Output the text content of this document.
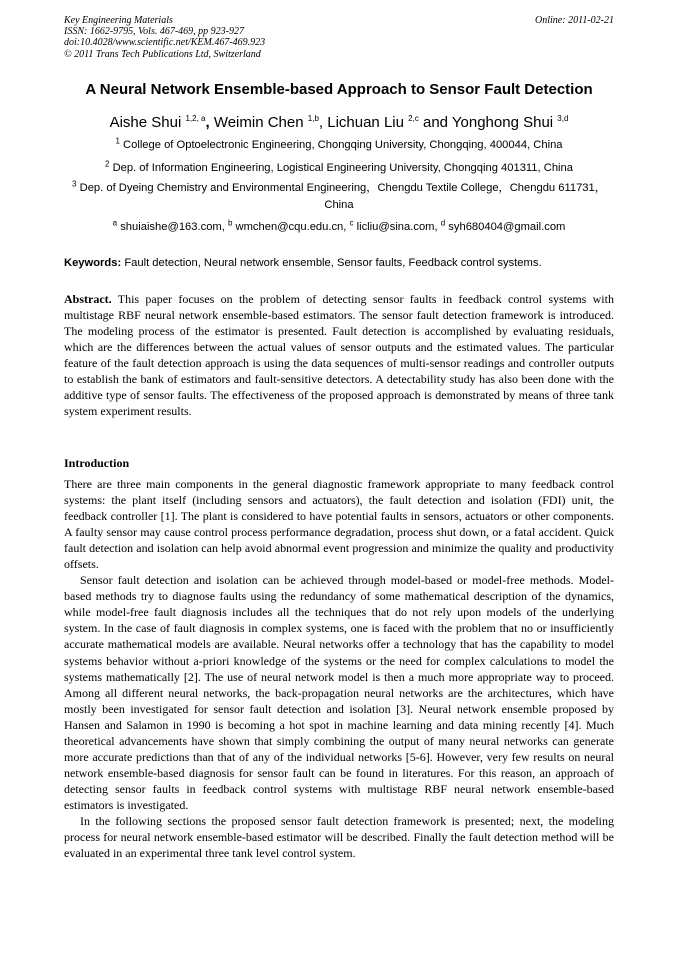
Key Engineering Materials
ISSN: 1662-9795, Vols. 467-469, pp 923-927
doi:10.4028/www.scientific.net/KEM.467-469.923
© 2011 Trans Tech Publications Ltd, Switzerland
Online: 2011-02-21
A Neural Network Ensemble-based Approach to Sensor Fault Detection
Aishe Shui $^{1,2, a}$, Weimin Chen $^{1,b}$, Lichuan Liu $^{2,c}$ and Yonghong Shui $^{3,d}$
$^1$ College of Optoelectronic Engineering, Chongqing University, Chongqing, 400044, China
$^2$ Dep. of Information Engineering, Logistical Engineering University, Chongqing 401311, China
$^3$ Dep. of Dyeing Chemistry and Environmental Engineering，Chengdu Textile College，Chengdu 611731，China
$^a$ shuiaishe@163.com, $^b$ wmchen@cqu.edu.cn, $^c$ licliu@sina.com, $^d$ syh680404@gmail.com
Keywords: Fault detection, Neural network ensemble, Sensor faults, Feedback control systems.
Abstract. This paper focuses on the problem of detecting sensor faults in feedback control systems with multistage RBF neural network ensemble-based estimators. The sensor fault detection framework is introduced. The modeling process of the estimator is presented. Fault detection is accomplished by evaluating residuals, which are the differences between the actual values of sensor outputs and the estimated values. The particular feature of the fault detection approach is using the data sequences of multi-sensor readings and controller outputs to establish the bank of estimators and fault-sensitive detectors. A detectability study has also been done with the additive type of sensor faults. The effectiveness of the proposed approach is demonstrated by means of three tank system experiment results.
Introduction

There are three main components in the general diagnostic framework appropriate to many feedback control systems: the plant itself (including sensors and actuators), the fault detection and isolation (FDI) unit, the feedback controller [1]. The plant is considered to have potential faults in sensors, actuators or other components. A faulty sensor may cause control process performance degradation, process shut down, or a fatal accident. Quick fault detection and isolation can help avoid abnormal event progression and minimize the quality and productivity offsets.

Sensor fault detection and isolation can be achieved through model-based or model-free methods. Model-based methods try to diagnose faults using the redundancy of some mathematical description of the dynamics, while model-free fault diagnosis includes all the techniques that do not rely upon models of the underlying system. In the case of fault diagnosis in complex systems, one is faced with the problem that no or insufficiently accurate mathematical models are available. Neural networks offer a technology that has the capability to model systems behavior without a-priori knowledge of the systems or the need for complex calculations to model the systems mathematically [2]. The use of neural network model is then a much more appropriate way to proceed. Among all different neural networks, the back-propagation neural networks are the architectures, which have mostly been investigated for sensor fault detection and isolation [3]. Neural network ensemble proposed by Hansen and Salamon in 1990 is becoming a hot spot in machine learning and data mining recently [4]. Much theoretical advancements have shown that simply combining the output of many neural networks can generate more accurate predictions than that of any of the individual networks [5-6]. However, very few results on neural network ensemble-based diagnosis for sensor fault can be found in literatures. For this reason, an approach of detecting sensor faults in feedback control systems with multistage RBF neural network ensemble-based estimators is investigated.

In the following sections the proposed sensor fault detection framework is presented; next, the modeling process for neural network ensemble-based estimator will be described. Finally the fault detection method will be evaluated in an experimental three tank level control system.
